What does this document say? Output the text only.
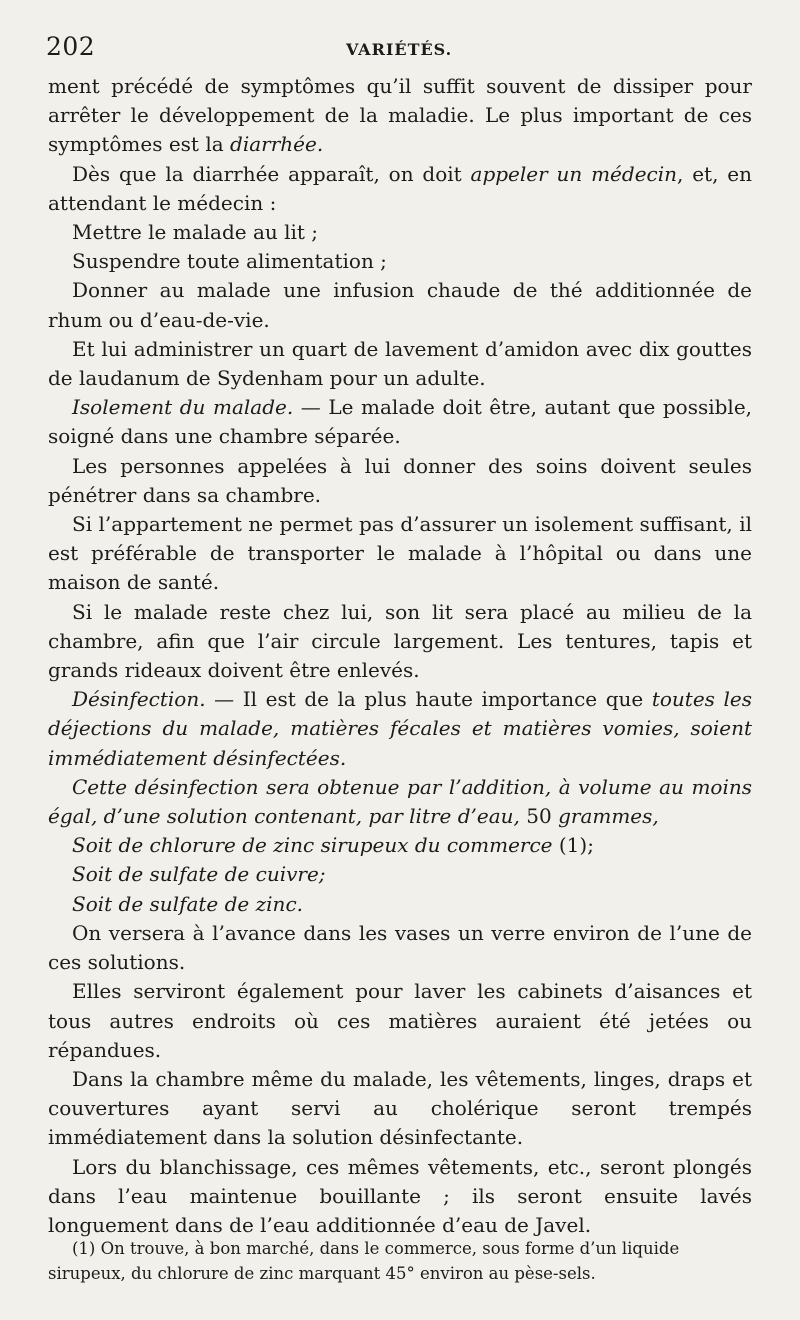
202	VARIÉTÉS.

ment précédé de symptômes qu’il suffit souvent de dissiper pour arrêter le développement de la maladie. Le plus important de ces symptômes est la diarrhée.

Dès que la diarrhée apparaît, on doit appeler un médecin, et, en attendant le médecin :

Mettre le malade au lit ;

Suspendre toute alimentation ;

Donner au malade une infusion chaude de thé additionnée de rhum ou d’eau-de-vie.

Et lui administrer un quart de lavement d’amidon avec dix gouttes de laudanum de Sydenham pour un adulte.

Isolement du malade. — Le malade doit être, autant que possible, soigné dans une chambre séparée.

Les personnes appelées à lui donner des soins doivent seules pénétrer dans sa chambre.

Si l’appartement ne permet pas d’assurer un isolement suffisant, il est préférable de transporter le malade à l’hôpital ou dans une maison de santé.

Si le malade reste chez lui, son lit sera placé au milieu de la chambre, afin que l’air circule largement. Les tentures, tapis et grands rideaux doivent être enlevés.

Désinfection. — Il est de la plus haute importance que toutes les déjections du malade, matières fécales et matières vomies, soient immédiatement désinfectées.

Cette désinfection sera obtenue par l’addition, à volume au moins égal, d’une solution contenant, par litre d’eau, 50 grammes,

Soit de chlorure de zinc sirupeux du commerce (1);

Soit de sulfate de cuivre;

Soit de sulfate de zinc.

On versera à l’avance dans les vases un verre environ de l’une de ces solutions.

Elles serviront également pour laver les cabinets d’aisances et tous autres endroits où ces matières auraient été jetées ou répandues.

Dans la chambre même du malade, les vêtements, linges, draps et couvertures ayant servi au cholérique seront trempés immédiatement dans la solution désinfectante.

Lors du blanchissage, ces mêmes vêtements, etc., seront plongés dans l’eau maintenue bouillante ; ils seront ensuite lavés longuement dans de l’eau additionnée d’eau de Javel.

(1) On trouve, à bon marché, dans le commerce, sous forme d’un liquide sirupeux, du chlorure de zinc marquant 45° environ au pèse-sels.
